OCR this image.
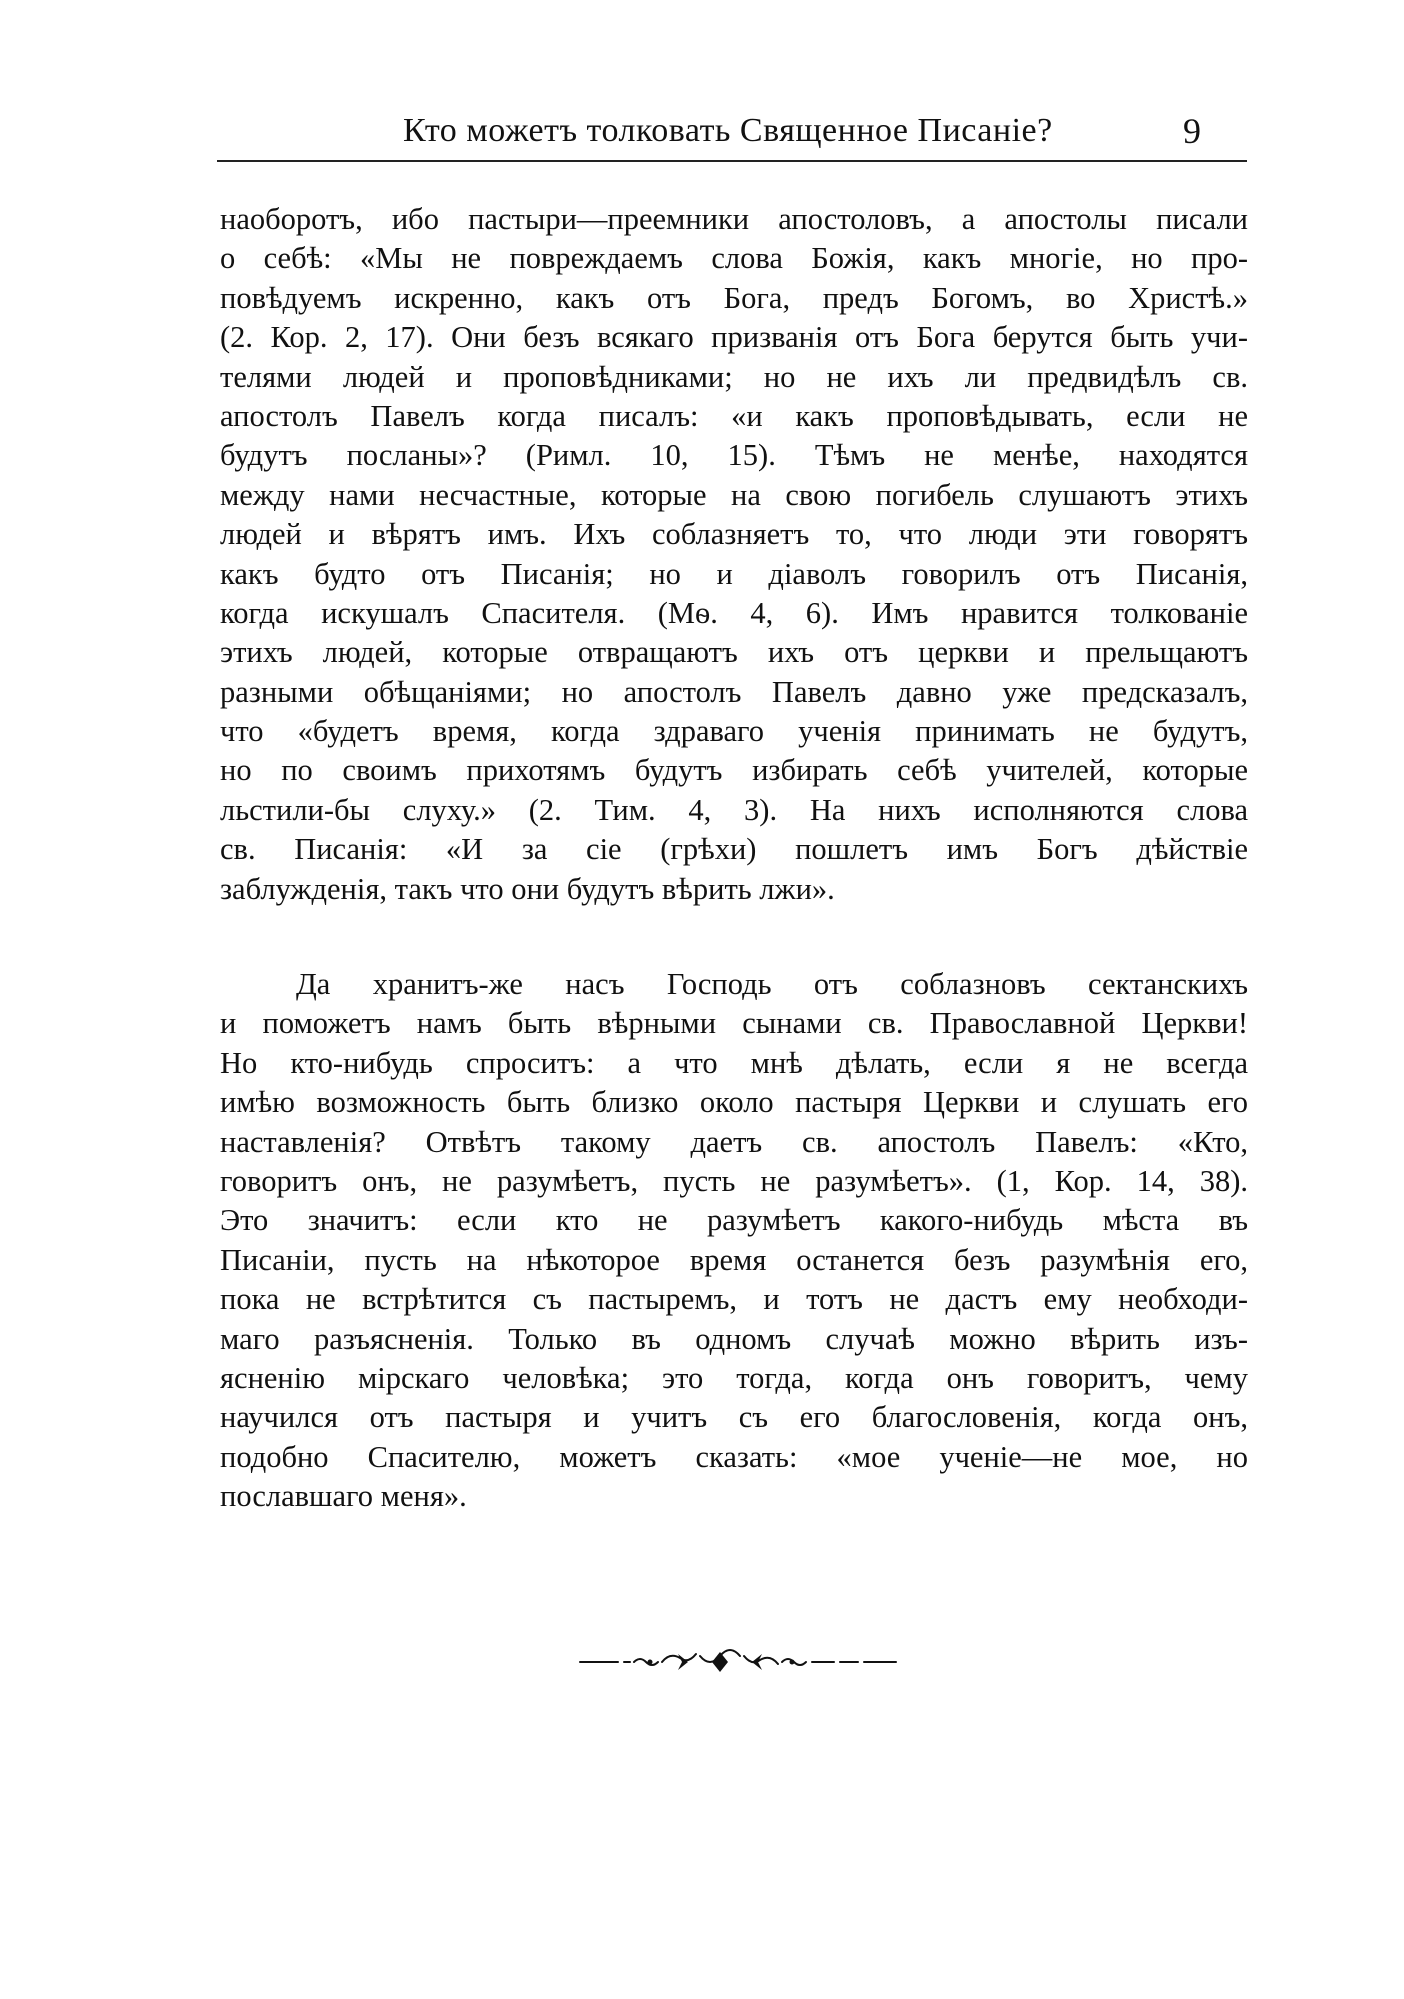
Кто можетъ толковать Священное Писаніе?	9
наоборотъ, ибо пастыри—преемники апостоловъ, а апостолы писали
о себѣ: «Мы не повреждаемъ слова Божія, какъ многіе, но про-
повѣдуемъ искренно, какъ отъ Бога, предъ Богомъ, во Христѣ.»
(2. Кор. 2, 17). Они безъ всякаго призванія отъ Бога берутся быть учи-
телями людей и проповѣдниками; но не ихъ ли предвидѣлъ св.
апостолъ Павелъ когда писалъ: «и какъ проповѣдывать, если не
будутъ посланы»? (Римл. 10, 15). Тѣмъ не менѣе, находятся
между нами несчастные, которые на свою погибель слушаютъ этихъ
людей и вѣрятъ имъ. Ихъ соблазняетъ то, что люди эти говорятъ
какъ будто отъ Писанія; но и діаволъ говорилъ отъ Писанія,
когда искушалъ Спасителя. (Мѳ. 4, 6). Имъ нравится толкованіе
этихъ людей, которые отвращаютъ ихъ отъ церкви и прельщаютъ
разными обѣщаніями; но апостолъ Павелъ давно уже предсказалъ,
что «будетъ время, когда здраваго ученія принимать не будутъ,
но по своимъ прихотямъ будутъ избирать себѣ учителей, которые
льстили-бы слуху.» (2. Тим. 4, 3). На нихъ исполняются слова
св. Писанія: «И за сіе (грѣхи) пошлетъ имъ Богъ дѣйствіе
заблужденія, такъ что они будутъ вѣрить лжи».
Да хранитъ-же насъ Господь отъ соблазновъ сектанскихъ
и поможетъ намъ быть вѣрными сынами св. Православной Церкви!
Но кто-нибудь спроситъ: а что мнѣ дѣлать, если я не всегда
имѣю возможность быть близко около пастыря Церкви и слушать его
наставленія? Отвѣтъ такому даетъ св. апостолъ Павелъ: «Кто,
говоритъ онъ, не разумѣетъ, пусть не разумѣетъ». (1, Кор. 14, 38).
Это значитъ: если кто не разумѣетъ какого-нибудь мѣста въ
Писаніи, пусть на нѣкоторое время останется безъ разумѣнія его,
пока не встрѣтится съ пастыремъ, и тотъ не дастъ ему необходи-
маго разъясненія. Только въ одномъ случаѣ можно вѣрить изъ-
ясненію мірскаго человѣка; это тогда, когда онъ говоритъ, чему
научился отъ пастыря и учитъ съ его благословенія, когда онъ,
подобно Спасителю, можетъ сказать: «мое ученіе—не мое, но
пославшаго меня».
